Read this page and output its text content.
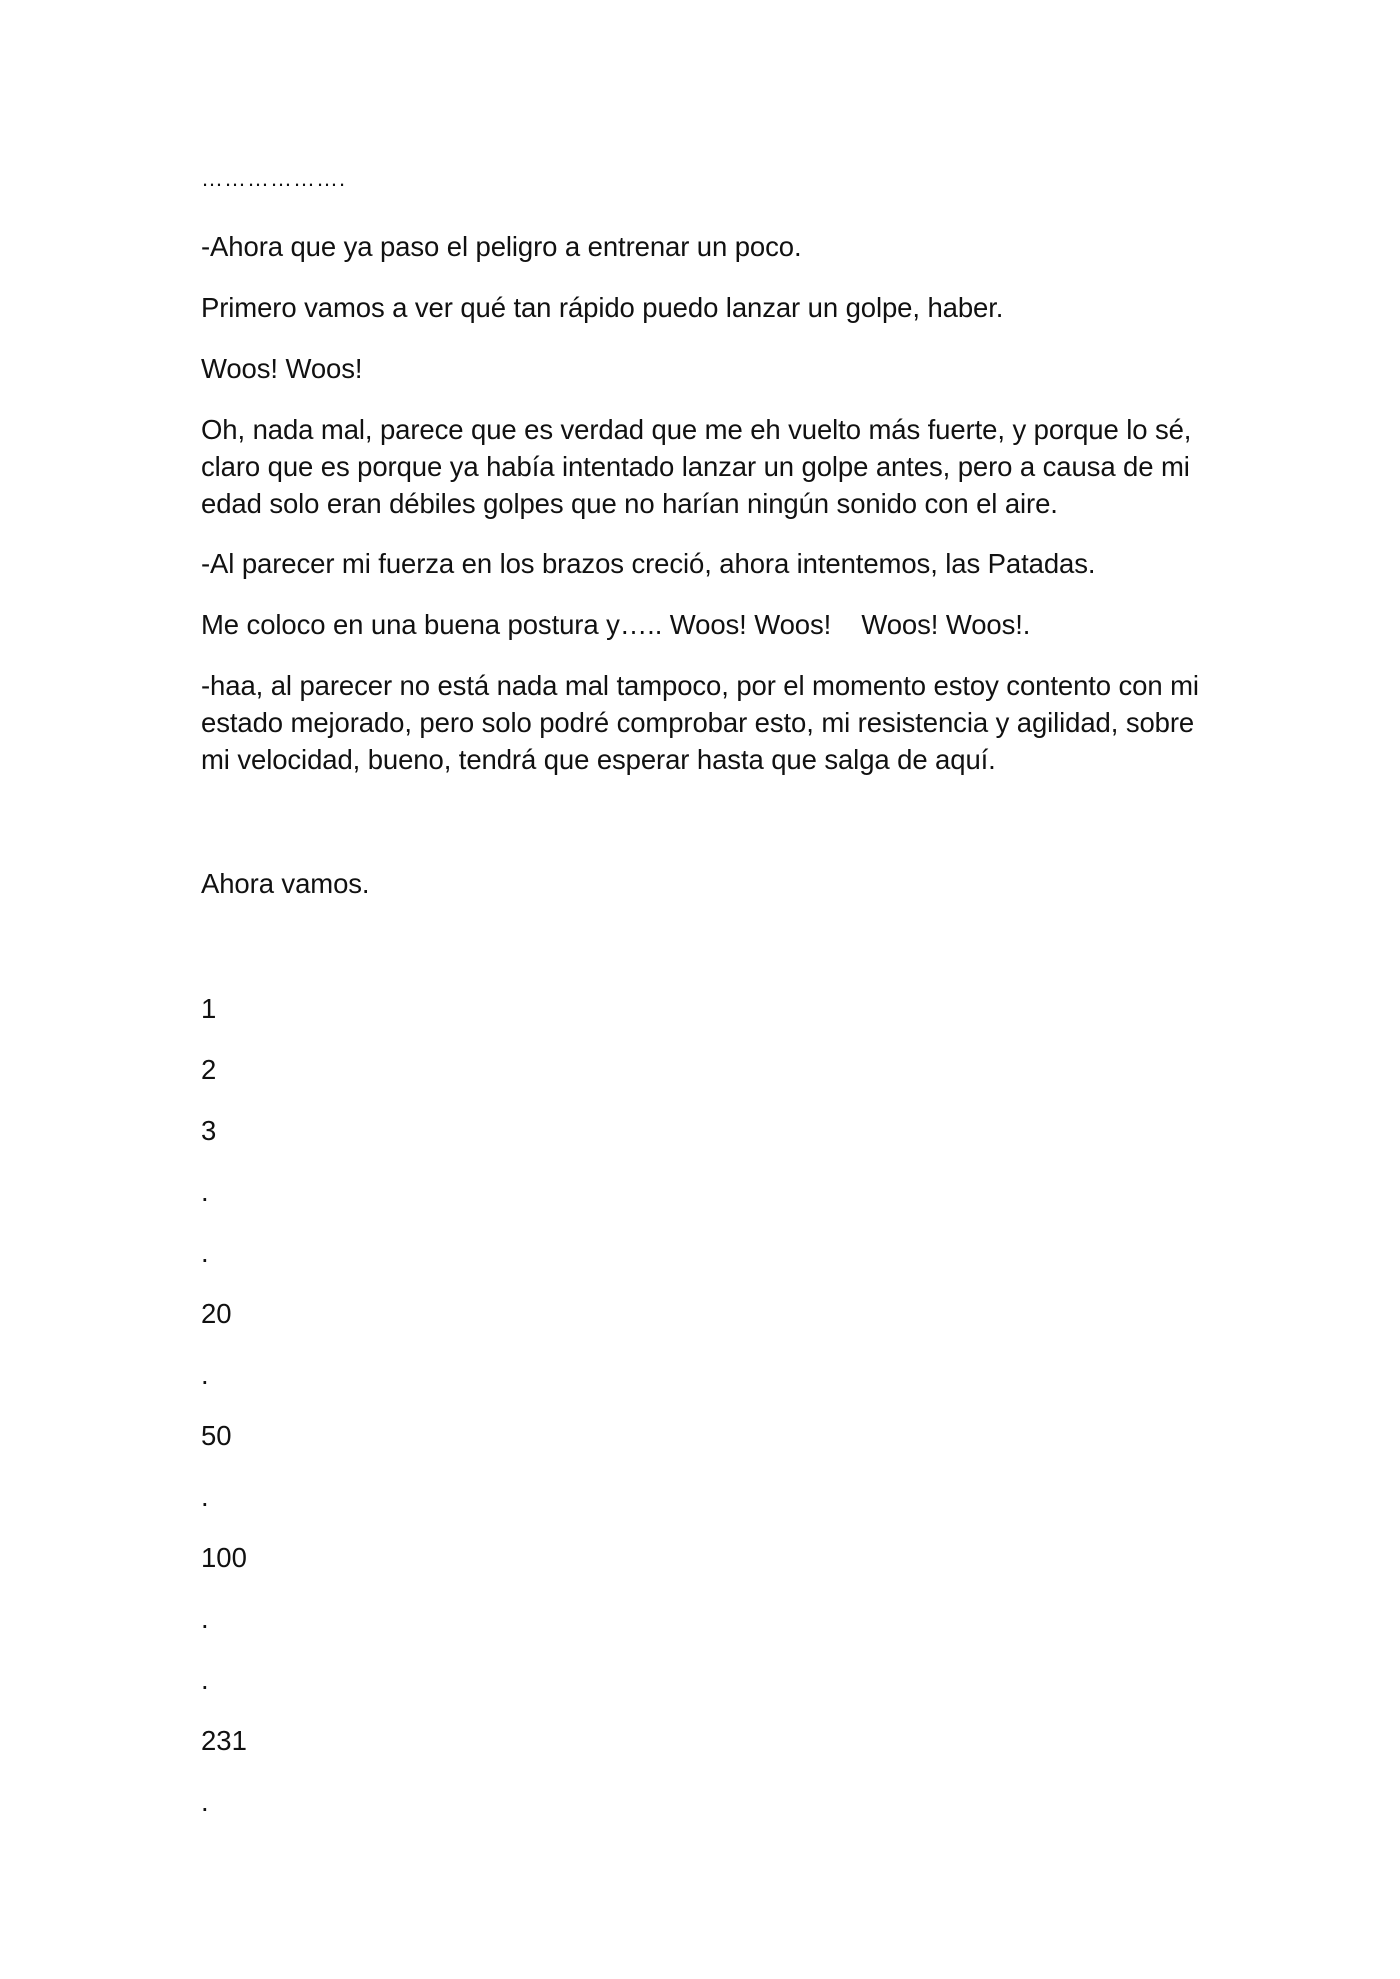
……………….

-Ahora que ya paso el peligro a entrenar un poco.

Primero vamos a ver qué tan rápido puedo lanzar un golpe, haber.

Woos! Woos!

Oh, nada mal, parece que es verdad que me eh vuelto más fuerte, y porque lo sé, claro que es porque ya había intentado lanzar un golpe antes, pero a causa de mi edad solo eran débiles golpes que no harían ningún sonido con el aire.

-Al parecer mi fuerza en los brazos creció, ahora intentemos, las Patadas.

Me coloco en una buena postura y….. Woos! Woos!    Woos! Woos!.

-haa, al parecer no está nada mal tampoco, por el momento estoy contento con mi estado mejorado, pero solo podré comprobar esto, mi resistencia y agilidad, sobre mi velocidad, bueno, tendrá que esperar hasta que salga de aquí.

Ahora vamos.

1
2
3
.
.
20
.
50
.
100
.
.
231
.
